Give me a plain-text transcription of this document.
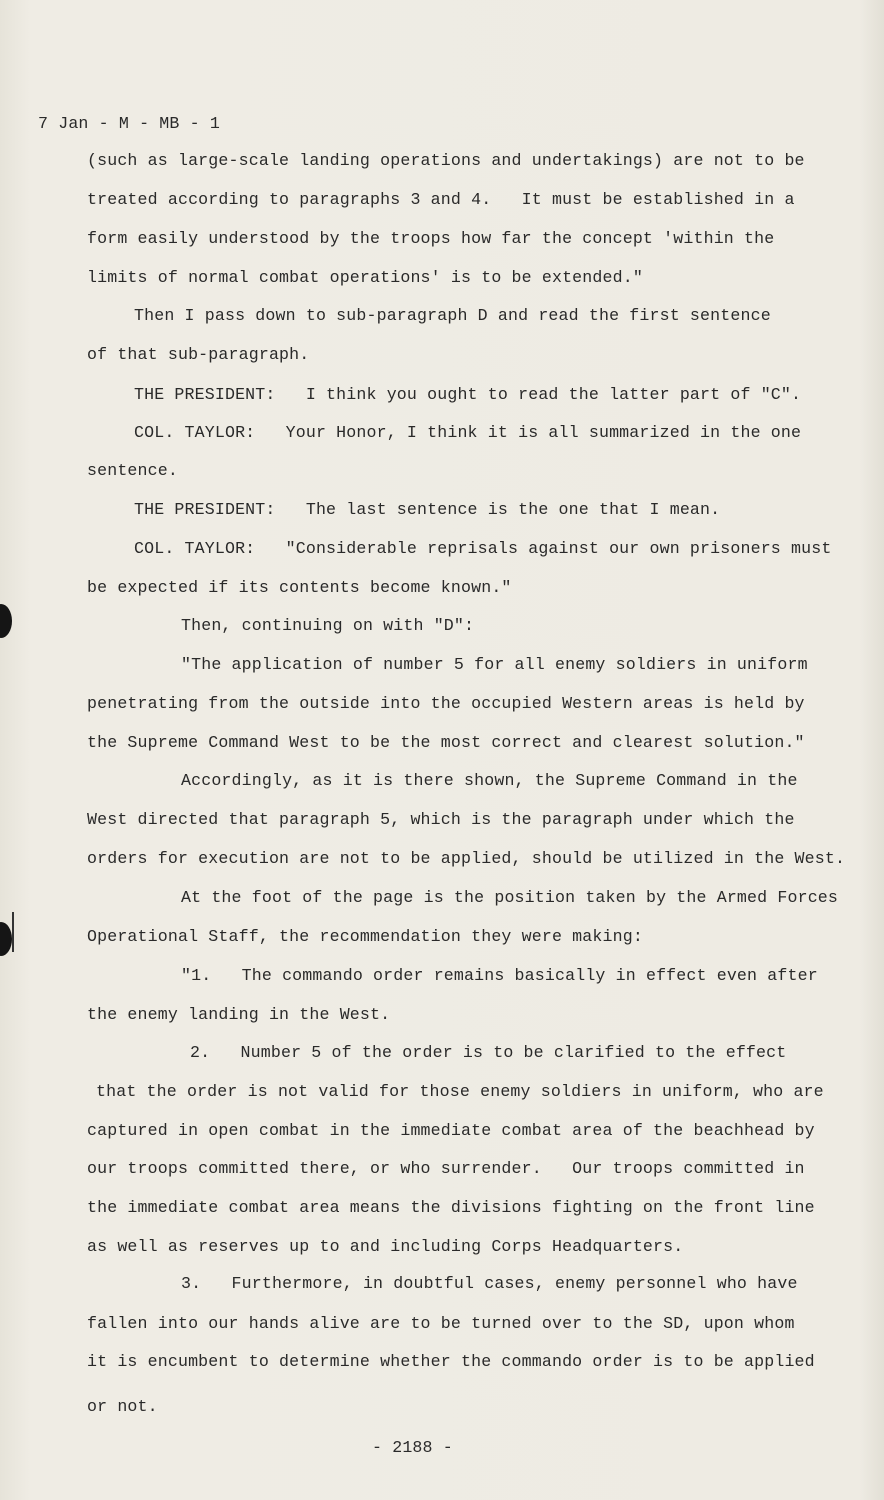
7 Jan - M - MB - 1
(such as large-scale landing operations and undertakings) are not to be
treated according to paragraphs 3 and 4.   It must be established in a
form easily understood by the troops how far the concept 'within the
limits of normal combat operations' is to be extended."
Then I pass down to sub-paragraph D and read the first sentence
of that sub-paragraph.
THE PRESIDENT:   I think you ought to read the latter part of "C".
COL. TAYLOR:   Your Honor, I think it is all summarized in the one
sentence.
THE PRESIDENT:   The last sentence is the one that I mean.
COL. TAYLOR:   "Considerable reprisals against our own prisoners must
be expected if its contents become known."
Then, continuing on with "D":
"The application of number 5 for all enemy soldiers in uniform
penetrating from the outside into the occupied Western areas is held by
the Supreme Command West to be the most correct and clearest solution."
Accordingly, as it is there shown, the Supreme Command in the
West directed that paragraph 5, which is the paragraph under which the
orders for execution are not to be applied, should be utilized in the West.
At the foot of the page is the position taken by the Armed Forces
Operational Staff, the recommendation they were making:
"1.   The commando order remains basically in effect even after
the enemy landing in the West.
2.   Number 5 of the order is to be clarified to the effect
that the order is not valid for those enemy soldiers in uniform, who are
captured in open combat in the immediate combat area of the beachhead by
our troops committed there, or who surrender.   Our troops committed in
the immediate combat area means the divisions fighting on the front line
as well as reserves up to and including Corps Headquarters.
3.   Furthermore, in doubtful cases, enemy personnel who have
fallen into our hands alive are to be turned over to the SD, upon whom
it is encumbent to determine whether the commando order is to be applied
or not.
- 2188 -
